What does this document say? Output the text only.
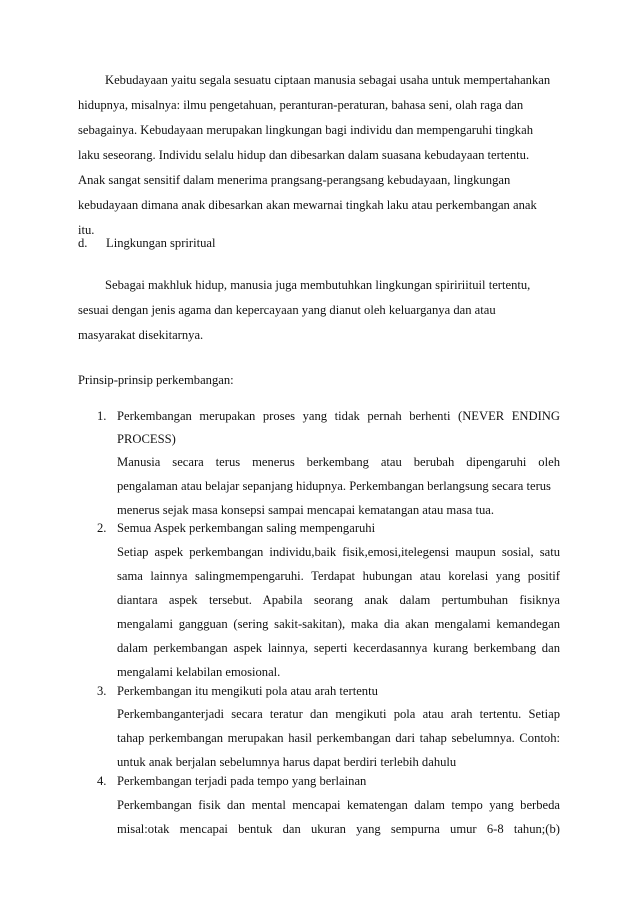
Kebudayaan yaitu segala sesuatu ciptaan manusia sebagai usaha untuk mempertahankan
hidupnya, misalnya: ilmu pengetahuan, peranturan-peraturan, bahasa seni, olah raga dan
sebagainya. Kebudayaan merupakan lingkungan bagi individu dan mempengaruhi tingkah
laku seseorang. Individu selalu hidup dan dibesarkan dalam suasana kebudayaan tertentu.
Anak sangat sensitif dalam menerima prangsang-perangsang kebudayaan, lingkungan
kebudayaan dimana anak dibesarkan akan mewarnai tingkah laku atau perkembangan anak
itu.
d. Lingkungan spriritual
Sebagai makhluk hidup, manusia juga membutuhkan lingkungan spiririituil tertentu,
sesuai dengan jenis agama dan kepercayaan yang dianut oleh keluarganya dan atau
masyarakat disekitarnya.
Prinsip-prinsip perkembangan:
1. Perkembangan merupakan proses yang tidak pernah berhenti (NEVER ENDING
PROCESS)
Manusia secara terus menerus berkembang atau berubah dipengaruhi oleh
pengalaman atau belajar sepanjang hidupnya. Perkembangan berlangsung secara terus
menerus sejak masa konsepsi sampai mencapai kematangan atau masa tua.
2. Semua Aspek perkembangan saling mempengaruhi
Setiap aspek perkembangan individu,baik fisik,emosi,itelegensi maupun sosial, satu
sama lainnya salingmempengaruhi. Terdapat hubungan atau korelasi yang positif
diantara aspek tersebut. Apabila seorang anak dalam pertumbuhan fisiknya
mengalami gangguan (sering sakit-sakitan), maka dia akan mengalami kemandegan
dalam perkembangan aspek lainnya, seperti kecerdasannya kurang berkembang dan
mengalami kelabilan emosional.
3. Perkembangan itu mengikuti pola atau arah tertentu
Perkembanganterjadi secara teratur dan mengikuti pola atau arah tertentu. Setiap
tahap perkembangan merupakan hasil perkembangan dari tahap sebelumnya. Contoh:
untuk anak berjalan sebelumnya harus dapat berdiri terlebih dahulu
4. Perkembangan terjadi pada tempo yang berlainan
Perkembangan fisik dan mental mencapai kematengan dalam tempo yang berbeda
misal:otak mencapai bentuk dan ukuran yang sempurna umur 6-8 tahun;(b)
